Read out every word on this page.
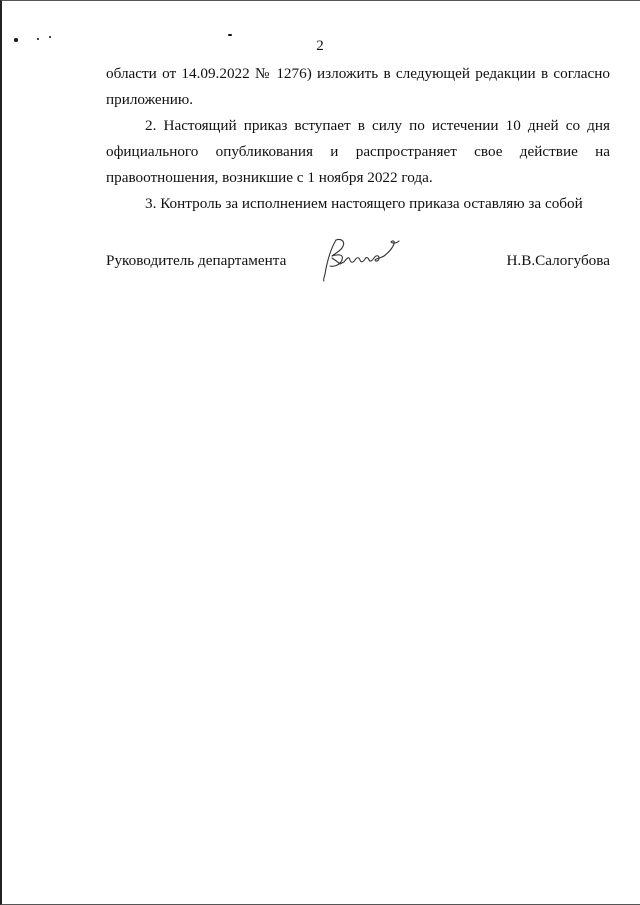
2
области от 14.09.2022 № 1276) изложить в следующей редакции в согласно
приложению.
2. Настоящий приказ вступает в силу по истечении 10 дней со дня
официального опубликования и распространяет свое действие на
правоотношения, возникшие с 1 ноября 2022 года.
3. Контроль за исполнением настоящего приказа оставляю за собой
Руководитель департамента	Н.В.Салогубова
